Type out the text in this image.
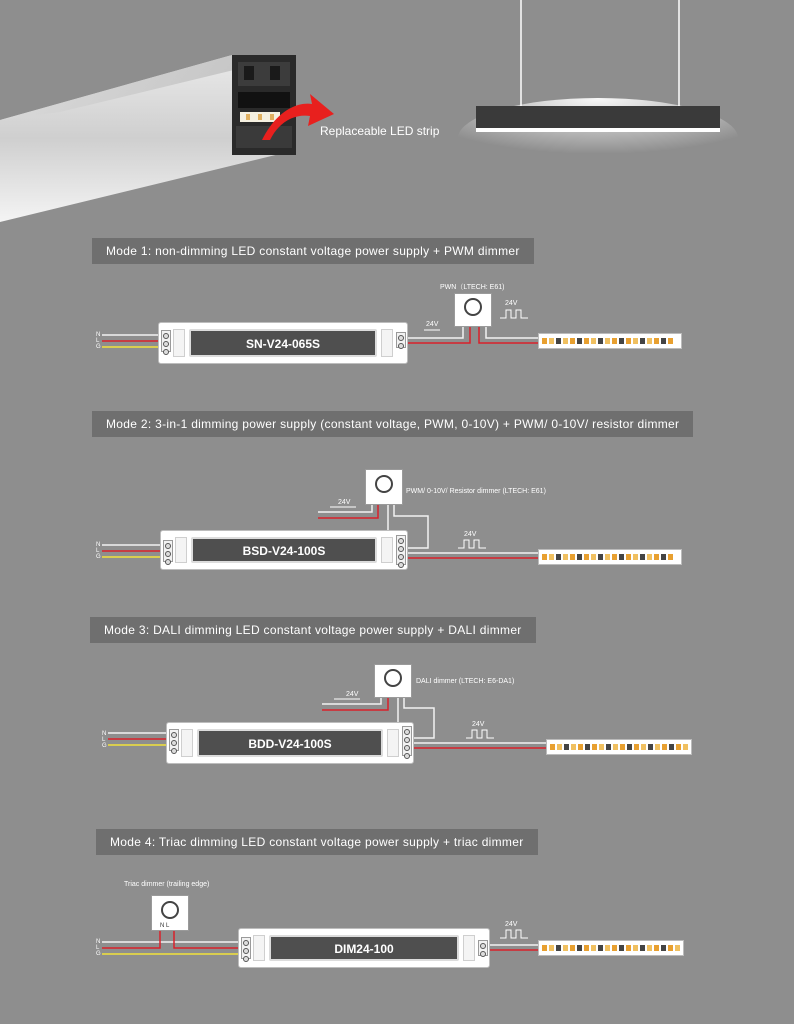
Replaceable LED strip
Mode 1: non-dimming LED constant voltage power supply + PWM dimmer
Mode 2: 3-in-1 dimming power supply (constant voltage, PWM, 0-10V) + PWM/ 0-10V/ resistor dimmer
Mode 3: DALI dimming LED constant voltage power supply + DALI dimmer
Mode 4: Triac dimming LED constant voltage power supply + triac dimmer
N
L
G	SN-V24-065S
PWN（LTECH: E61)
24V
24V
N
L
G	BSD-V24-100S
PWM/ 0-10V/ Resistor dimmer (LTECH: E61)
24V
24V
N
L
G	BDD-V24-100S
DALI dimmer (LTECH: E6-DA1)
24V
24V
N
L
G
Triac dimmer (trailing edge)
N L
DIM24-100
24V
